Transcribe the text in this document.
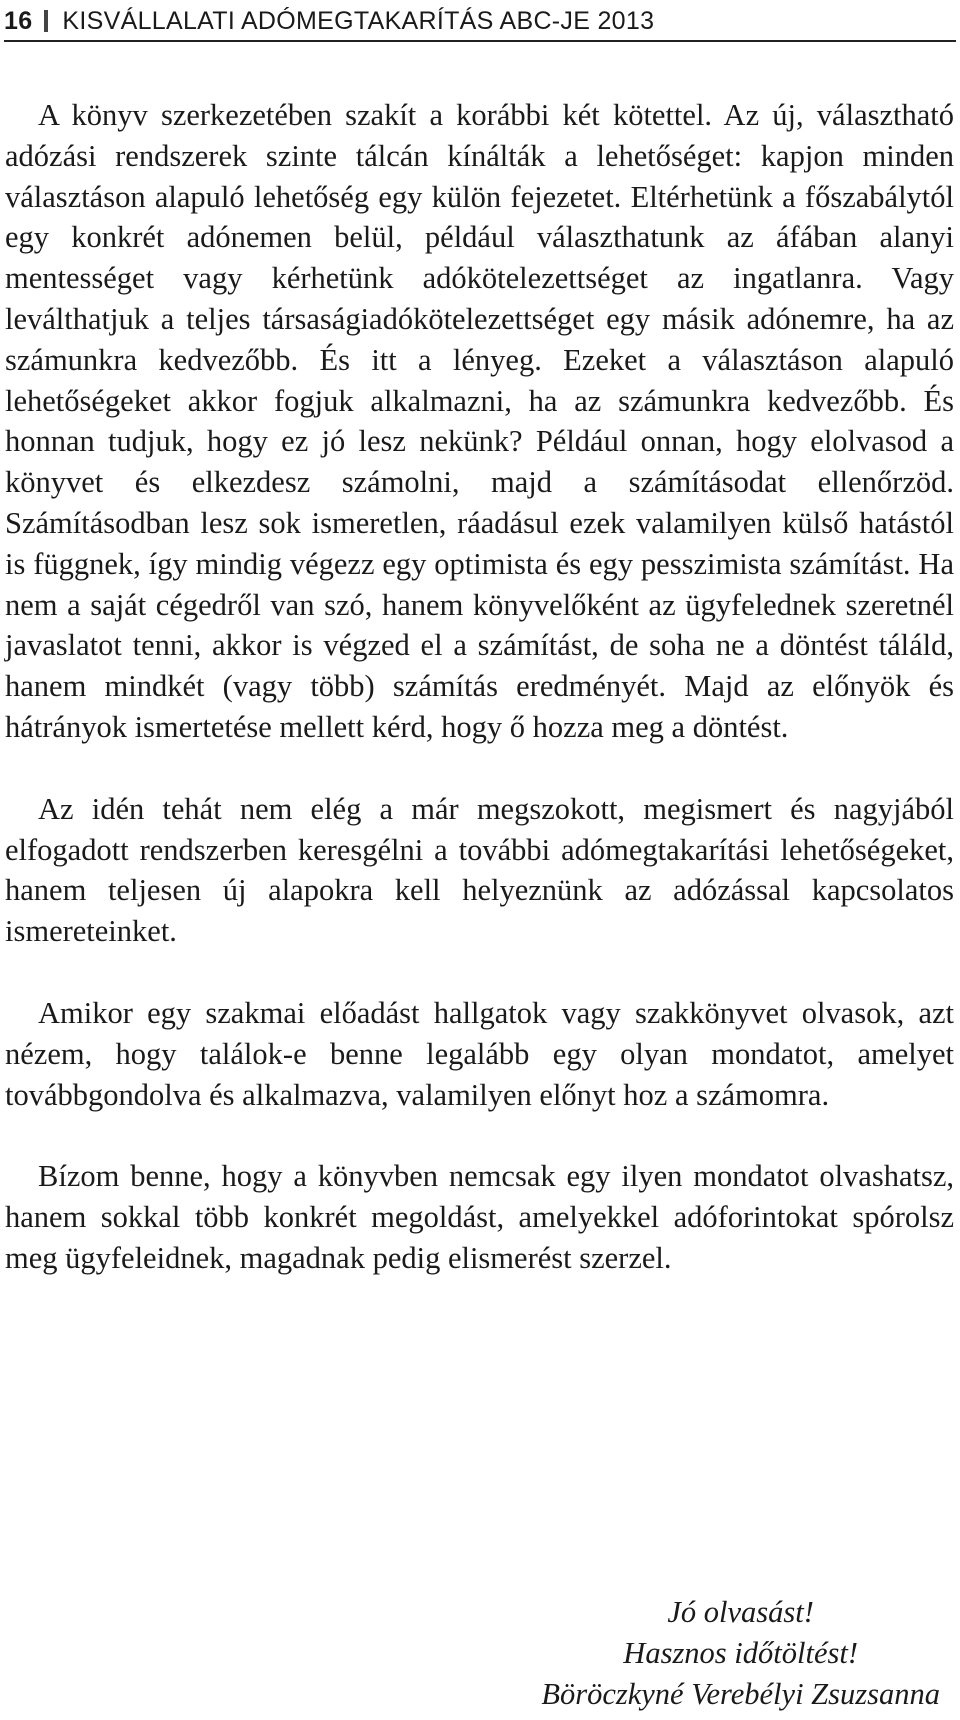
16 KISVÁLLALATI ADÓMEGTAKARÍTÁS ABC-JE 2013

A könyv szerkezetében szakít a korábbi két kötettel. Az új, választható adózási rendszerek szinte tálcán kínálták a lehetőséget: kapjon minden választáson alapuló lehetőség egy külön fejezetet. Eltérhetünk a főszabálytól egy konkrét adónemen belül, például választhatunk az áfában alanyi mentességet vagy kérhetünk adókötelezettséget az ingatlanra. Vagy leválthatjuk a teljes társaságiadókötelezettséget egy másik adónemre, ha az számunkra kedvezőbb. És itt a lényeg. Ezeket a választáson alapuló lehetőségeket akkor fogjuk alkalmazni, ha az számunkra kedvezőbb. És honnan tudjuk, hogy ez jó lesz nekünk? Például onnan, hogy elolvasod a könyvet és elkezdesz számolni, majd a számításodat ellenőrzöd. Számításodban lesz sok ismeretlen, ráadásul ezek valamilyen külső hatástól is függnek, így mindig végezz egy optimista és egy pesszimista számítást. Ha nem a saját cégedről van szó, hanem könyvelőként az ügyfelednek szeretnél javaslatot tenni, akkor is végzed el a számítást, de soha ne a döntést táláld, hanem mindkét (vagy több) számítás eredményét. Majd az előnyök és hátrányok ismertetése mellett kérd, hogy ő hozza meg a döntést.

Az idén tehát nem elég a már megszokott, megismert és nagyjából elfogadott rendszerben keresgélni a további adómegtakarítási lehetőségeket, hanem teljesen új alapokra kell helyeznünk az adózással kapcsolatos ismereteinket.

Amikor egy szakmai előadást hallgatok vagy szakkönyvet olvasok, azt nézem, hogy találok-e benne legalább egy olyan mondatot, amelyet továbbgondolva és alkalmazva, valamilyen előnyt hoz a számomra.

Bízom benne, hogy a könyvben nemcsak egy ilyen mondatot olvashatsz, hanem sokkal több konkrét megoldást, amelyekkel adóforintokat spórolsz meg ügyfeleidnek, magadnak pedig elismerést szerzel.

Jó olvasást!
Hasznos időtöltést!
Böröczkyné Verebélyi Zsuzsanna
